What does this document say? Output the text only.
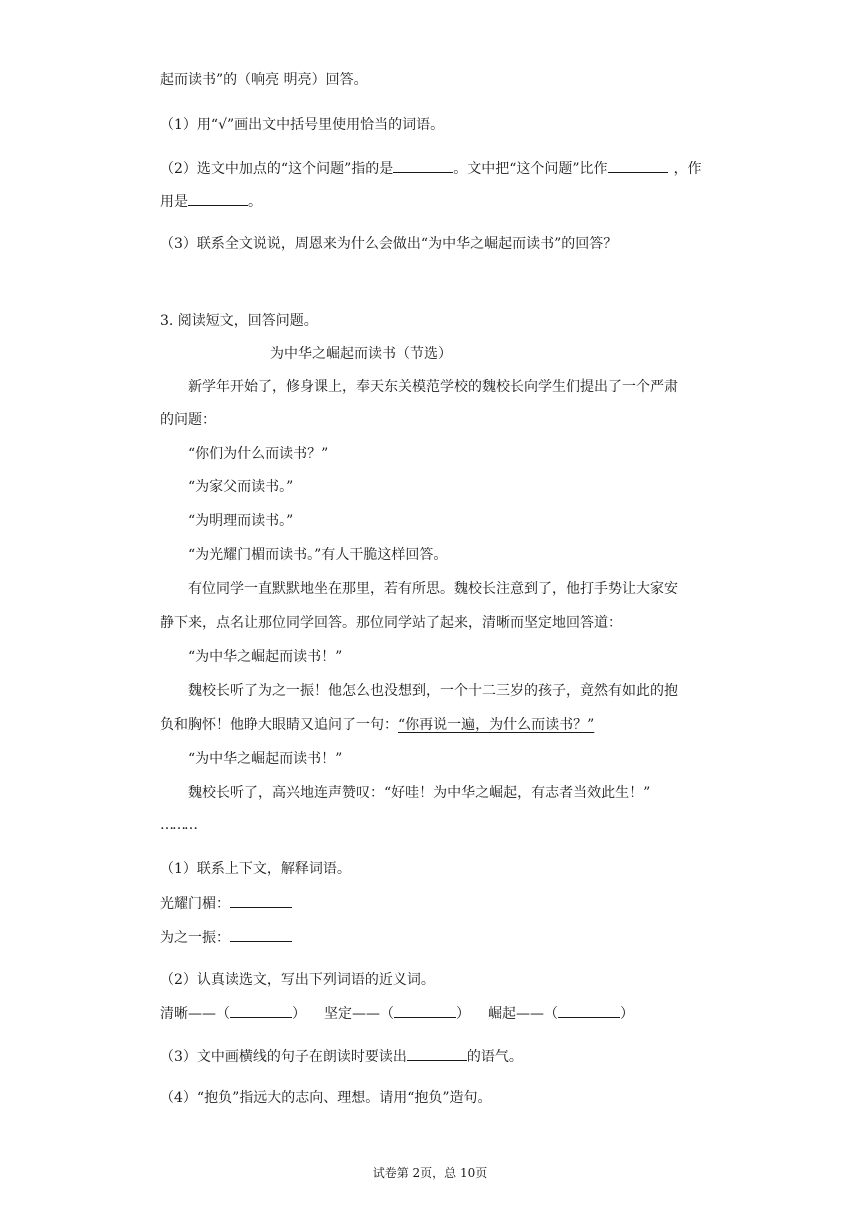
起而读书”的（响亮 明亮）回答。
（1）用“√”画出文中括号里使用恰当的词语。
（2）选文中加点的“这个问题”指的是	。文中把“这个问题”比作	，作
用是	。
（3）联系全文说说，周恩来为什么会做出“为中华之崛起而读书”的回答？
3. 阅读短文，回答问题。
为中华之崛起而读书（节选）
新学年开始了，修身课上，奉天东关模范学校的魏校长向学生们提出了一个严肃
的问题：
“你们为什么而读书？”
“为家父而读书。”
“为明理而读书。”
“为光耀门楣而读书。”有人干脆这样回答。
有位同学一直默默地坐在那里，若有所思。魏校长注意到了，他打手势让大家安
静下来，点名让那位同学回答。那位同学站了起来，清晰而坚定地回答道：
“为中华之崛起而读书！”
魏校长听了为之一振！他怎么也没想到，一个十二三岁的孩子，竟然有如此的抱
负和胸怀！他睁大眼睛又追问了一句：“你再说一遍，为什么而读书？”
“为中华之崛起而读书！”
魏校长听了，高兴地连声赞叹：“好哇！为中华之崛起，有志者当效此生！”
………
（1）联系上下文，解释词语。
光耀门楣：
为之一振：
（2）认真读选文，写出下列词语的近义词。
清晰——（	） 坚定——（	） 崛起——（	）
（3）文中画横线的句子在朗读时要读出	的语气。
（4）“抱负”指远大的志向、理想。请用“抱负”造句。
试卷第 2页，总 10页
